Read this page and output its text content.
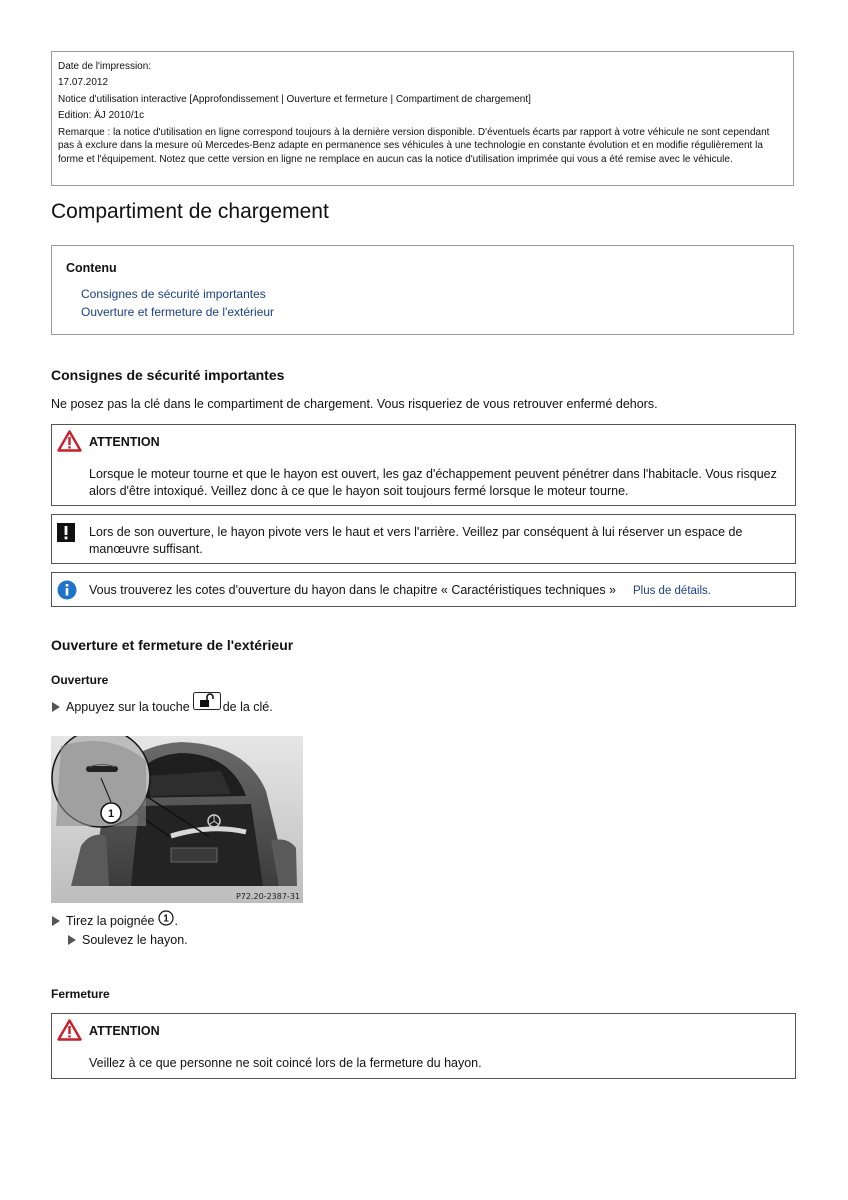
Date de l'impression:
17.07.2012
Notice d'utilisation interactive [Approfondissement | Ouverture et fermeture | Compartiment de chargement]
Edition: ÄJ 2010/1c
Remarque : la notice d'utilisation en ligne correspond toujours à la dernière version disponible. D'éventuels écarts par rapport à votre véhicule ne sont cependant pas à exclure dans la mesure où Mercedes-Benz adapte en permanence ses véhicules à une technologie en constante évolution et en modifie régulièrement la forme et l'équipement. Notez que cette version en ligne ne remplace en aucun cas la notice d'utilisation imprimée qui vous a été remise avec le véhicule.
Compartiment de chargement
Contenu
Consignes de sécurité importantes
Ouverture et fermeture de l'extérieur
Consignes de sécurité importantes
Ne posez pas la clé dans le compartiment de chargement. Vous risqueriez de vous retrouver enfermé dehors.
ATTENTION
Lorsque le moteur tourne et que le hayon est ouvert, les gaz d'échappement peuvent pénétrer dans l'habitacle. Vous risquez alors d'être intoxiqué. Veillez donc à ce que le hayon soit toujours fermé lorsque le moteur tourne.
Lors de son ouverture, le hayon pivote vers le haut et vers l'arrière. Veillez par conséquent à lui réserver un espace de manœuvre suffisant.
Vous trouverez les cotes d'ouverture du hayon dans le chapitre « Caractéristiques techniques » Plus de détails.
Ouverture et fermeture de l'extérieur
Ouverture
Appuyez sur la touche	de la clé.
1
P72.20-2387-31
Tirez la poignée 1 .
Soulevez le hayon.
Fermeture
ATTENTION
Veillez à ce que personne ne soit coincé lors de la fermeture du hayon.
